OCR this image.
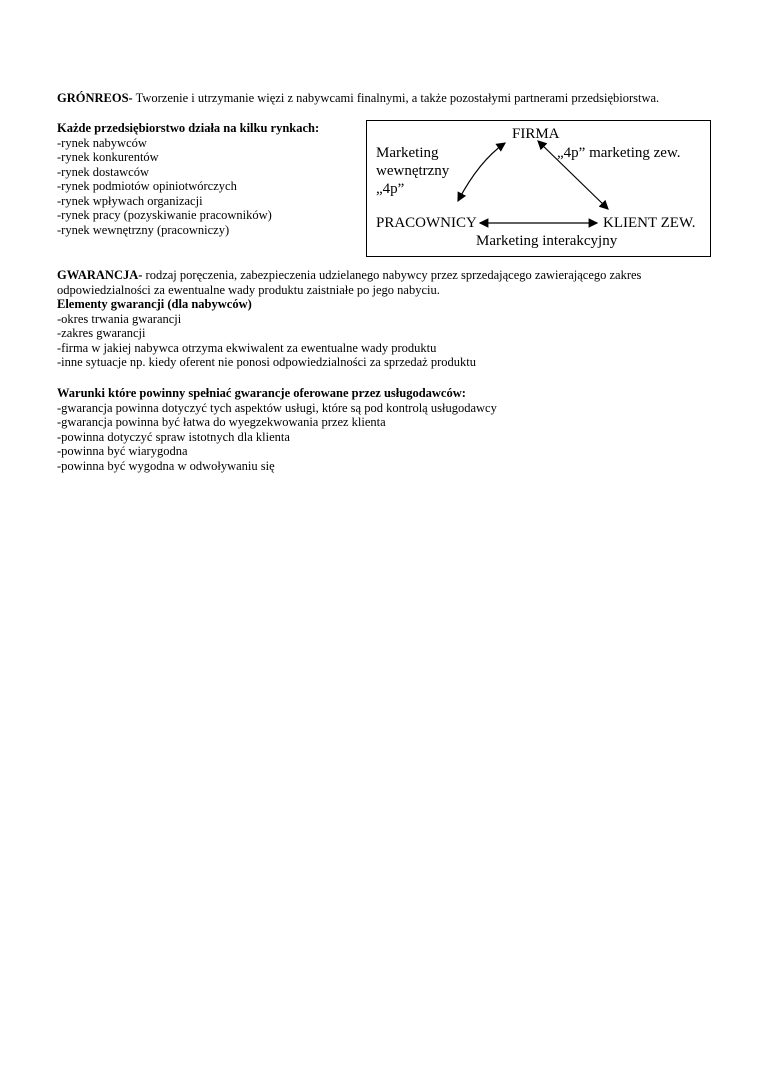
GRÓNREOS- Tworzenie i utrzymanie więzi z nabywcami finalnymi, a także pozostałymi partnerami przedsiębiorstwa.
Każde przedsiębiorstwo działa na kilku rynkach:
-rynek nabywców
-rynek konkurentów
-rynek dostawców
-rynek podmiotów opiniotwórczych
-rynek wpływach organizacji
-rynek pracy (pozyskiwanie pracowników)
-rynek wewnętrzny (pracowniczy)
FIRMA
Marketing
wewnętrzny
„4p”
„4p” marketing zew.
PRACOWNICY	KLIENT ZEW.
Marketing interakcyjny
GWARANCJA- rodzaj poręczenia, zabezpieczenia udzielanego nabywcy przez sprzedającego zawierającego zakres
odpowiedzialności za ewentualne wady produktu zaistniałe po jego nabyciu.
Elementy gwarancji (dla nabywców)
-okres trwania gwarancji
-zakres gwarancji
-firma w jakiej nabywca otrzyma ekwiwalent za ewentualne wady produktu
-inne sytuacje np. kiedy oferent nie ponosi odpowiedzialności za sprzedaż produktu
Warunki które powinny spełniać gwarancje oferowane przez usługodawców:
-gwarancja powinna dotyczyć tych aspektów usługi, które są pod kontrolą usługodawcy
-gwarancja powinna być łatwa do wyegzekwowania przez klienta
-powinna dotyczyć spraw istotnych dla klienta
-powinna być wiarygodna
-powinna być wygodna w odwoływaniu się
